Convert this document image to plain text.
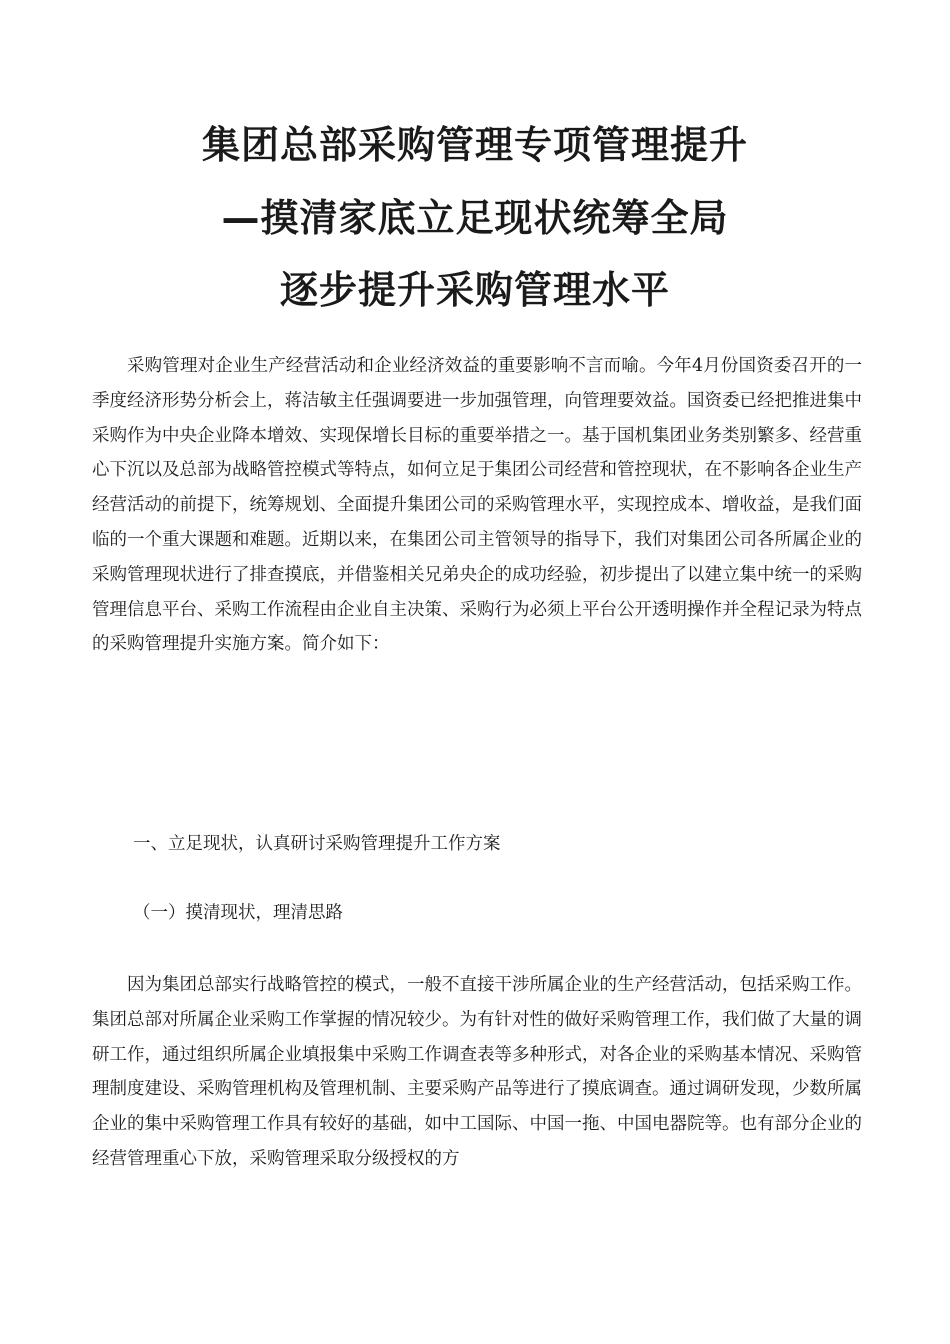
集团总部采购管理专项管理提升
—摸清家底立足现状统筹全局
逐步提升采购管理水平

采购管理对企业生产经营活动和企业经济效益的重要影响不言而喻。今年4月份国资委召开的一季度经济形势分析会上，蒋洁敏主任强调要进一步加强管理，向管理要效益。国资委已经把推进集中采购作为中央企业降本增效、实现保增长目标的重要举措之一。基于国机集团业务类别繁多、经营重心下沉以及总部为战略管控模式等特点，如何立足于集团公司经营和管控现状，在不影响各企业生产经营活动的前提下，统筹规划、全面提升集团公司的采购管理水平，实现控成本、增收益，是我们面临的一个重大课题和难题。近期以来，在集团公司主管领导的指导下，我们对集团公司各所属企业的采购管理现状进行了排查摸底，并借鉴相关兄弟央企的成功经验，初步提出了以建立集中统一的采购管理信息平台、采购工作流程由企业自主决策、采购行为必须上平台公开透明操作并全程记录为特点的采购管理提升实施方案。简介如下：

一、立足现状，认真研讨采购管理提升工作方案

（一）摸清现状，理清思路

因为集团总部实行战略管控的模式，一般不直接干涉所属企业的生产经营活动，包括采购工作。集团总部对所属企业采购工作掌握的情况较少。为有针对性的做好采购管理工作，我们做了大量的调研工作，通过组织所属企业填报集中采购工作调查表等多种形式，对各企业的采购基本情况、采购管理制度建设、采购管理机构及管理机制、主要采购产品等进行了摸底调查。通过调研发现，少数所属企业的集中采购管理工作具有较好的基础，如中工国际、中国一拖、中国电器院等。也有部分企业的经营管理重心下放，采购管理采取分级授权的方
